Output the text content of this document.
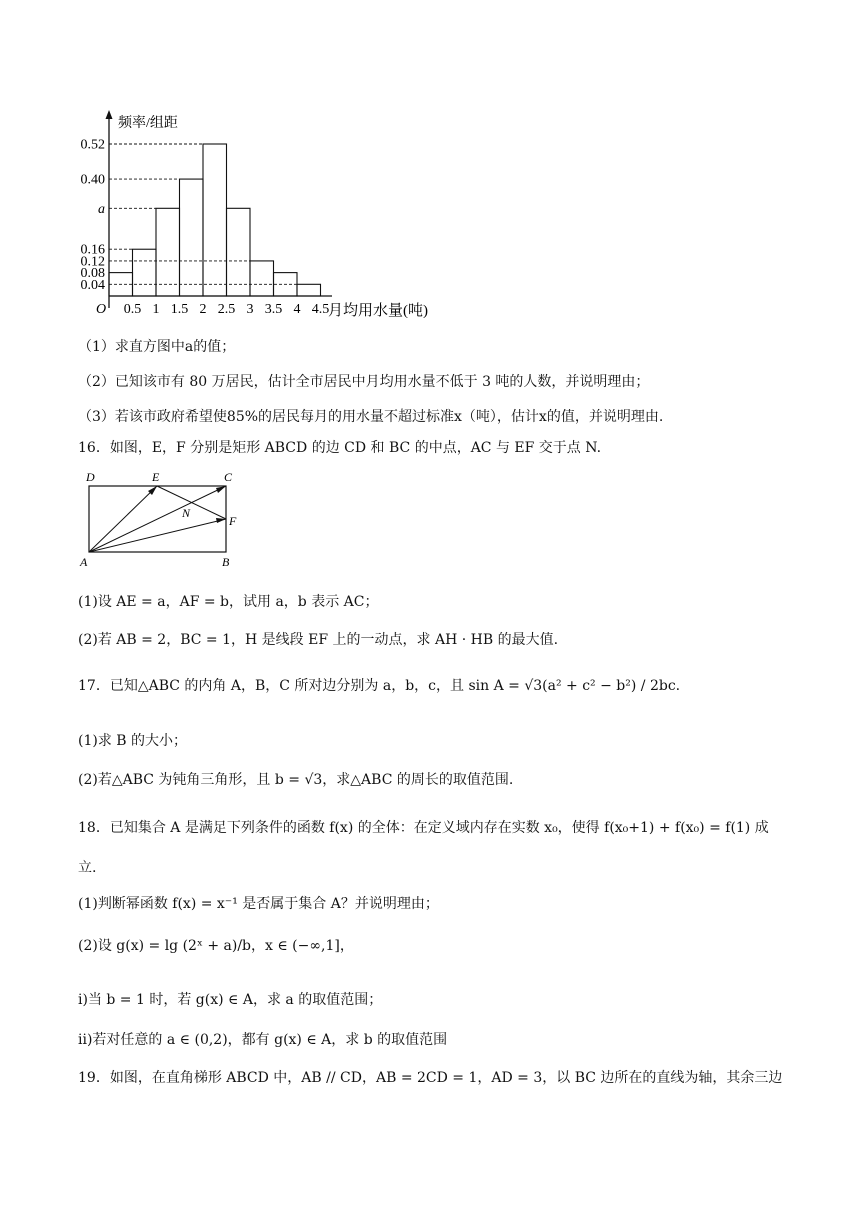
频率/组距
O	月均用水量(吨)
0.52
0.40
a
0.16
0.12
0.08
0.04
0.5 1 1.5 2 2.5 3 3.5 4 4.5
（1）求直方图中a的值；
（2）已知该市有 80 万居民，估计全市居民中月均用水量不低于 3 吨的人数，并说明理由；
（3）若该市政府希望使85%的居民每月的用水量不超过标准x（吨），估计x的值，并说明理由.
16．如图，E，F 分别是矩形 ABCD 的边 CD 和 BC 的中点，AC 与 EF 交于点 N.
D	E	C
N
F
A	B
(1)设 AE = a，AF = b，试用 a，b 表示 AC；
(2)若 AB = 2，BC = 1，H 是线段 EF 上的一动点，求 AH · HB 的最大值.
17．已知△ABC 的内角 A，B，C 所对边分别为 a，b，c，且 sin A = √3(a² + c² − b²) / 2bc.
(1)求 B 的大小；
(2)若△ABC 为钝角三角形，且 b = √3，求△ABC 的周长的取值范围.
18．已知集合 A 是满足下列条件的函数 f(x) 的全体：在定义域内存在实数 x₀，使得 f(x₀+1) + f(x₀) = f(1) 成
立.
(1)判断幂函数 f(x) = x⁻¹ 是否属于集合 A？并说明理由；
(2)设 g(x) = lg (2ˣ + a)/b，x ∈ (−∞,1]，
i)当 b = 1 时，若 g(x) ∈ A，求 a 的取值范围；
ii)若对任意的 a ∈ (0,2)，都有 g(x) ∈ A，求 b 的取值范围
19．如图，在直角梯形 ABCD 中，AB // CD，AB = 2CD = 1，AD = 3，以 BC 边所在的直线为轴，其余三边
